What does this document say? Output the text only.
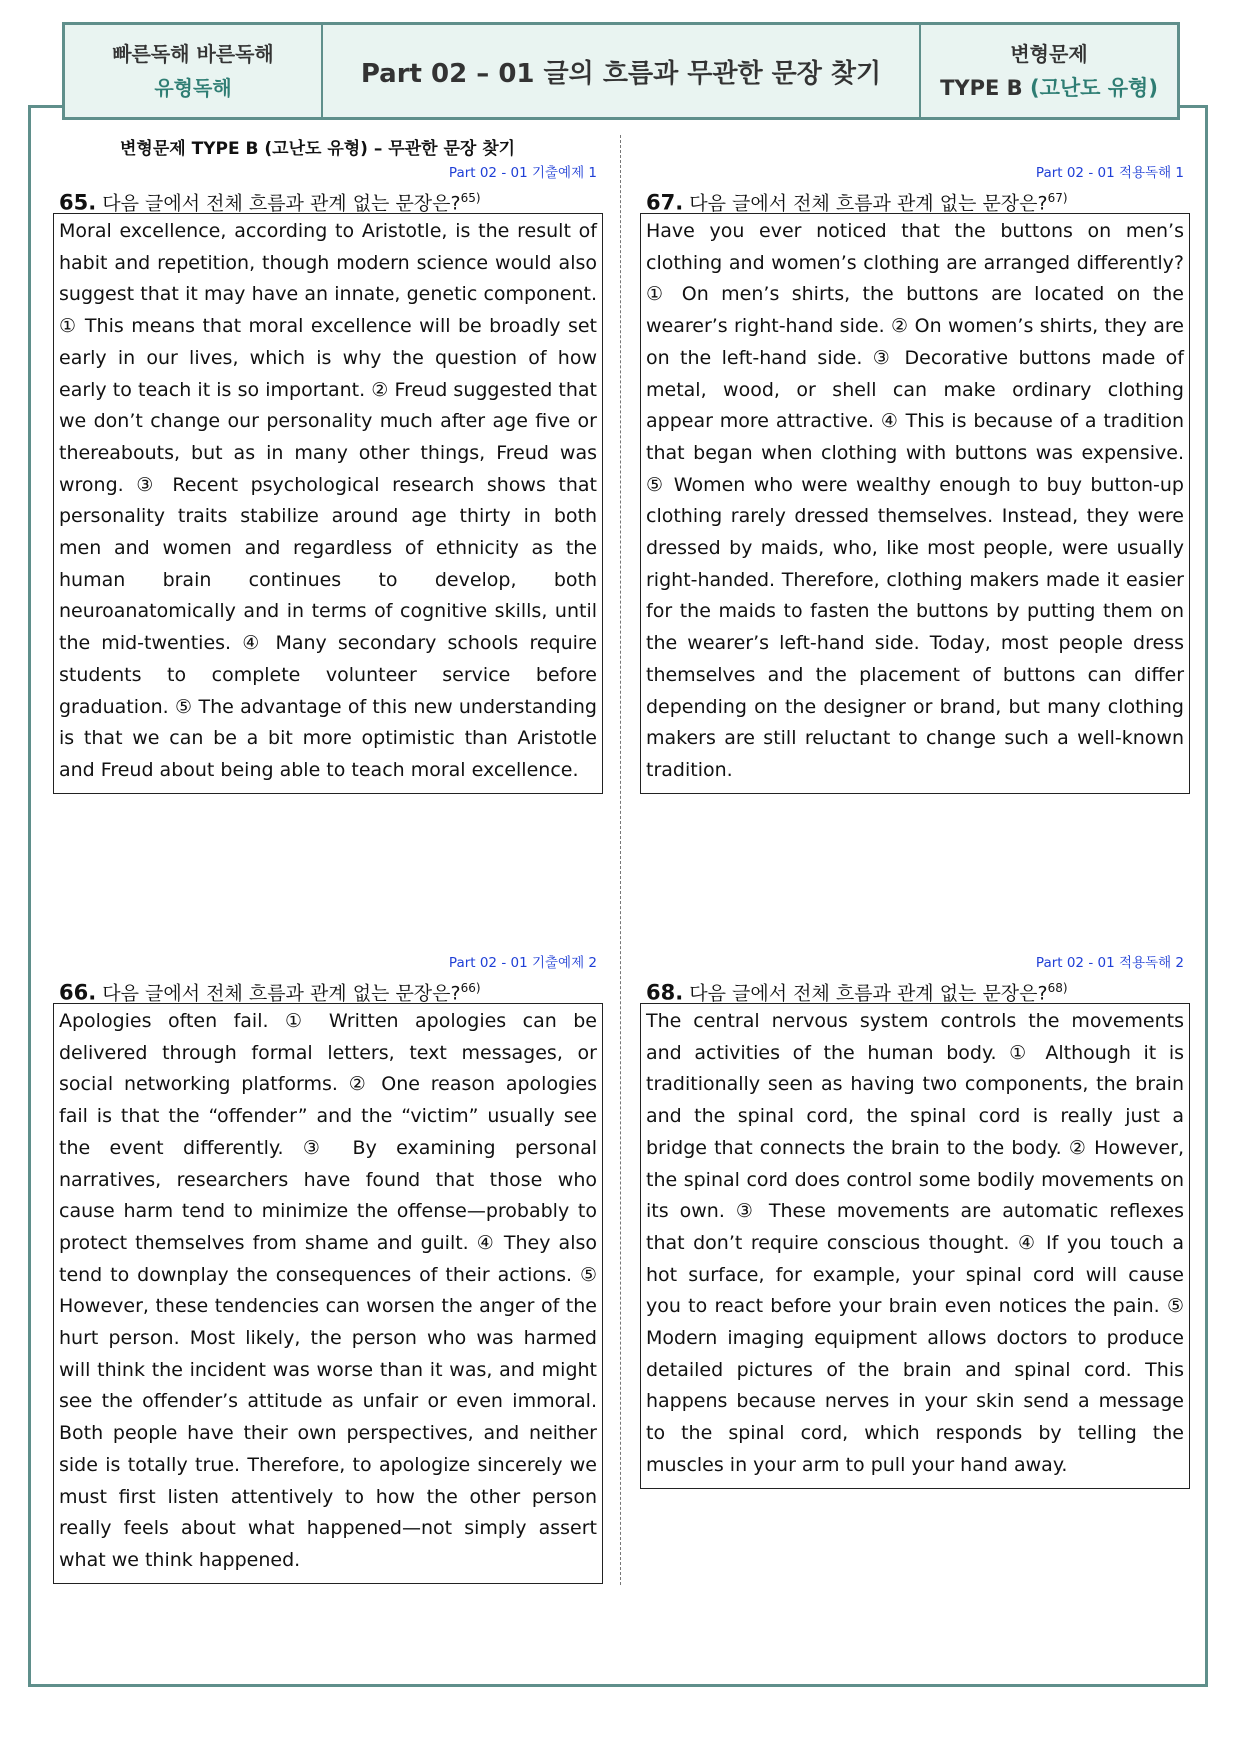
빠른독해 바른독해
유형독해	Part 02 – 01 글의 흐름과 무관한 문장 찾기
변형문제
TYPE B (고난도 유형)
변형문제 TYPE B (고난도 유형) – 무관한 문장 찾기
Part 02 - 01 기출예제 1
65. 다음 글에서 전체 흐름과 관계 없는 문장은?$^{65)}$
Moral excellence, according to Aristotle, is the result of habit and repetition, though modern science would also suggest that it may have an innate, genetic component. ① This means that moral excellence will be broadly set early in our lives, which is why the question of how early to teach it is so important. ② Freud suggested that we don’t change our personality much after age five or thereabouts, but as in many other things, Freud was wrong. ③ Recent psychological research shows that personality traits stabilize around age thirty in both men and women and regardless of ethnicity as the human brain continues to develop, both neuroanatomically and in terms of cognitive skills, until the mid-twenties. ④ Many secondary schools require students to complete volunteer service before graduation. ⑤ The advantage of this new understanding is that we can be a bit more optimistic than Aristotle and Freud about being able to teach moral excellence.
Part 02 - 01 적용독해 1
67. 다음 글에서 전체 흐름과 관계 없는 문장은?$^{67)}$
Have you ever noticed that the buttons on men’s clothing and women’s clothing are arranged differently? ① On men’s shirts, the buttons are located on the wearer’s right-hand side. ② On women’s shirts, they are on the left-hand side. ③ Decorative buttons made of metal, wood, or shell can make ordinary clothing appear more attractive. ④ This is because of a tradition that began when clothing with buttons was expensive. ⑤ Women who were wealthy enough to buy button-up clothing rarely dressed themselves. Instead, they were dressed by maids, who, like most people, were usually right-handed. Therefore, clothing makers made it easier for the maids to fasten the buttons by putting them on the wearer’s left-hand side. Today, most people dress themselves and the placement of buttons can differ depending on the designer or brand, but many clothing makers are still reluctant to change such a well-known tradition.
Part 02 - 01 기출예제 2
66. 다음 글에서 전체 흐름과 관계 없는 문장은?$^{66)}$
Apologies often fail. ① Written apologies can be delivered through formal letters, text messages, or social networking platforms. ② One reason apologies fail is that the “offender” and the “victim” usually see the event differently. ③ By examining personal narratives, researchers have found that those who cause harm tend to minimize the offense—probably to protect themselves from shame and guilt. ④ They also tend to downplay the consequences of their actions. ⑤ However, these tendencies can worsen the anger of the hurt person. Most likely, the person who was harmed will think the incident was worse than it was, and might see the offender’s attitude as unfair or even immoral. Both people have their own perspectives, and neither side is totally true. Therefore, to apologize sincerely we must first listen attentively to how the other person really feels about what happened—not simply assert what we think happened.
Part 02 - 01 적용독해 2
68. 다음 글에서 전체 흐름과 관계 없는 문장은?$^{68)}$
The central nervous system controls the movements and activities of the human body. ① Although it is traditionally seen as having two components, the brain and the spinal cord, the spinal cord is really just a bridge that connects the brain to the body. ② However, the spinal cord does control some bodily movements on its own. ③ These movements are automatic reflexes that don’t require conscious thought. ④ If you touch a hot surface, for example, your spinal cord will cause you to react before your brain even notices the pain. ⑤ Modern imaging equipment allows doctors to produce detailed pictures of the brain and spinal cord. This happens because nerves in your skin send a message to the spinal cord, which responds by telling the muscles in your arm to pull your hand away.
